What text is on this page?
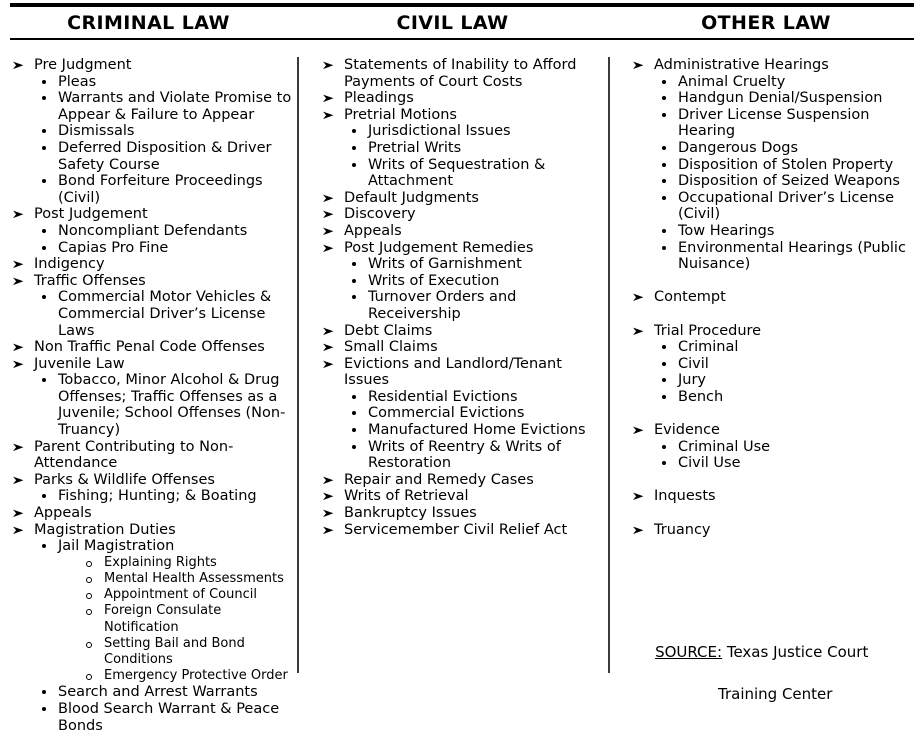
CRIMINAL LAW	CIVIL LAW	OTHER LAW
Pre Judgment
Pleas
Warrants and Violate Promise to Appear & Failure to Appear
Dismissals
Deferred Disposition & Driver Safety Course
Bond Forfeiture Proceedings (Civil)
Post Judgement
Noncompliant Defendants
Capias Pro Fine
Indigency
Traffic Offenses
Commercial Motor Vehicles & Commercial Driver’s License Laws
Non Traffic Penal Code Offenses
Juvenile Law
Tobacco, Minor Alcohol & Drug Offenses; Traffic Offenses as a Juvenile; School Offenses (Non-Truancy)
Parent Contributing to Non-Attendance
Parks & Wildlife Offenses
Fishing; Hunting; & Boating
Appeals
Magistration Duties
Jail Magistration
Explaining Rights
Mental Health Assessments
Appointment of Council
Foreign Consulate Notification
Setting Bail and Bond Conditions
Emergency Protective Order
Search and Arrest Warrants
Blood Search Warrant & Peace Bonds
Statements of Inability to Afford Payments of Court Costs
Pleadings
Pretrial Motions
Jurisdictional Issues
Pretrial Writs
Writs of Sequestration & Attachment
Default Judgments
Discovery
Appeals
Post Judgement Remedies
Writs of Garnishment
Writs of Execution
Turnover Orders and Receivership
Debt Claims
Small Claims
Evictions and Landlord/Tenant Issues
Residential Evictions
Commercial Evictions
Manufactured Home Evictions
Writs of Reentry & Writs of Restoration
Repair and Remedy Cases
Writs of Retrieval
Bankruptcy Issues
Servicemember Civil Relief Act
Administrative Hearings
Animal Cruelty
Handgun Denial/Suspension
Driver License Suspension Hearing
Dangerous Dogs
Disposition of Stolen Property
Disposition of Seized Weapons
Occupational Driver’s License (Civil)
Tow Hearings
Environmental Hearings (Public Nuisance)

Contempt

Trial Procedure
Criminal
Civil
Jury
Bench

Evidence
Criminal Use
Civil Use

Inquests

Truancy

SOURCE: Texas Justice Court

Training Center
